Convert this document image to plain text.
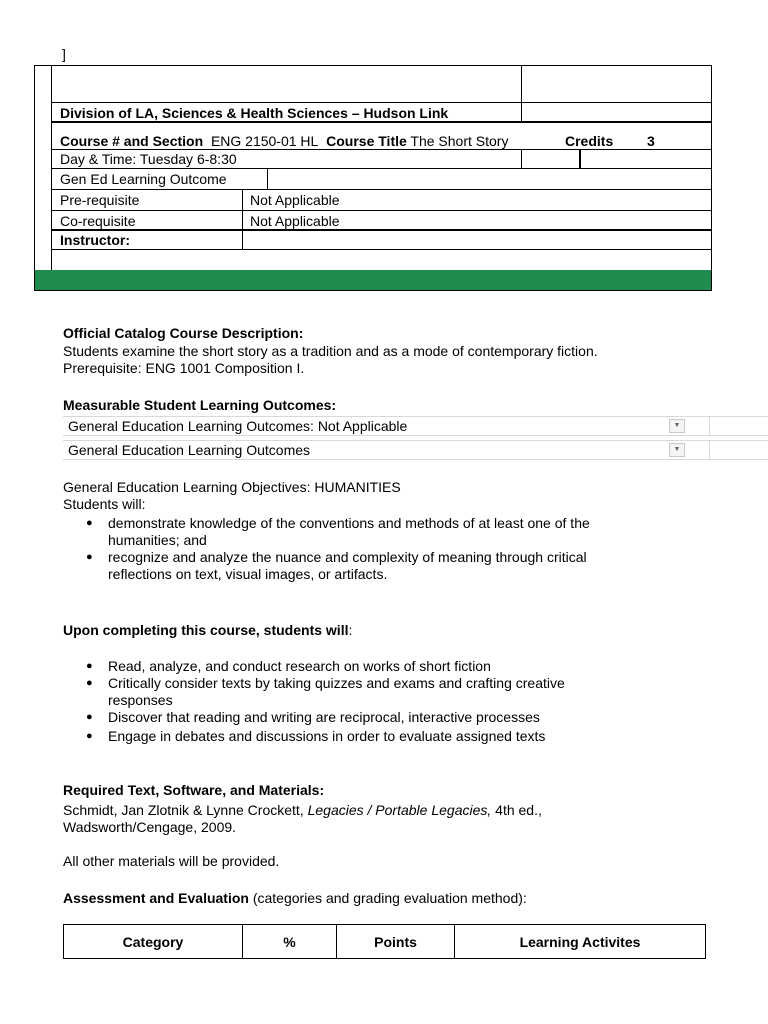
]
Division of LA, Sciences & Health Sciences – Hudson Link
Course # and Section ENG 2150-01 HL Course Title The Short Story	Credits 3
Day & Time: Tuesday 6-8:30
Gen Ed Learning Outcome
Pre-requisite	Not Applicable
Co-requisite	Not Applicable
Instructor:
Official Catalog Course Description:
Students examine the short story as a tradition and as a mode of contemporary fiction.
Prerequisite: ENG 1001 Composition I.
Measurable Student Learning Outcomes:
General Education Learning Outcomes: Not Applicable	▼
General Education Learning Outcomes	▼
General Education Learning Objectives: HUMANITIES
Students will:
● demonstrate knowledge of the conventions and methods of at least one of the
humanities; and
● recognize and analyze the nuance and complexity of meaning through critical
reflections on text, visual images, or artifacts.
Upon completing this course, students will:
● Read, analyze, and conduct research on works of short fiction
● Critically consider texts by taking quizzes and exams and crafting creative
responses
● Discover that reading and writing are reciprocal, interactive processes
● Engage in debates and discussions in order to evaluate assigned texts
Required Text, Software, and Materials:
Schmidt, Jan Zlotnik & Lynne Crockett, Legacies / Portable Legacies, 4th ed.,
Wadsworth/Cengage, 2009.
All other materials will be provided.
Assessment and Evaluation (categories and grading evaluation method):
Category	%	Points	Learning Activites
